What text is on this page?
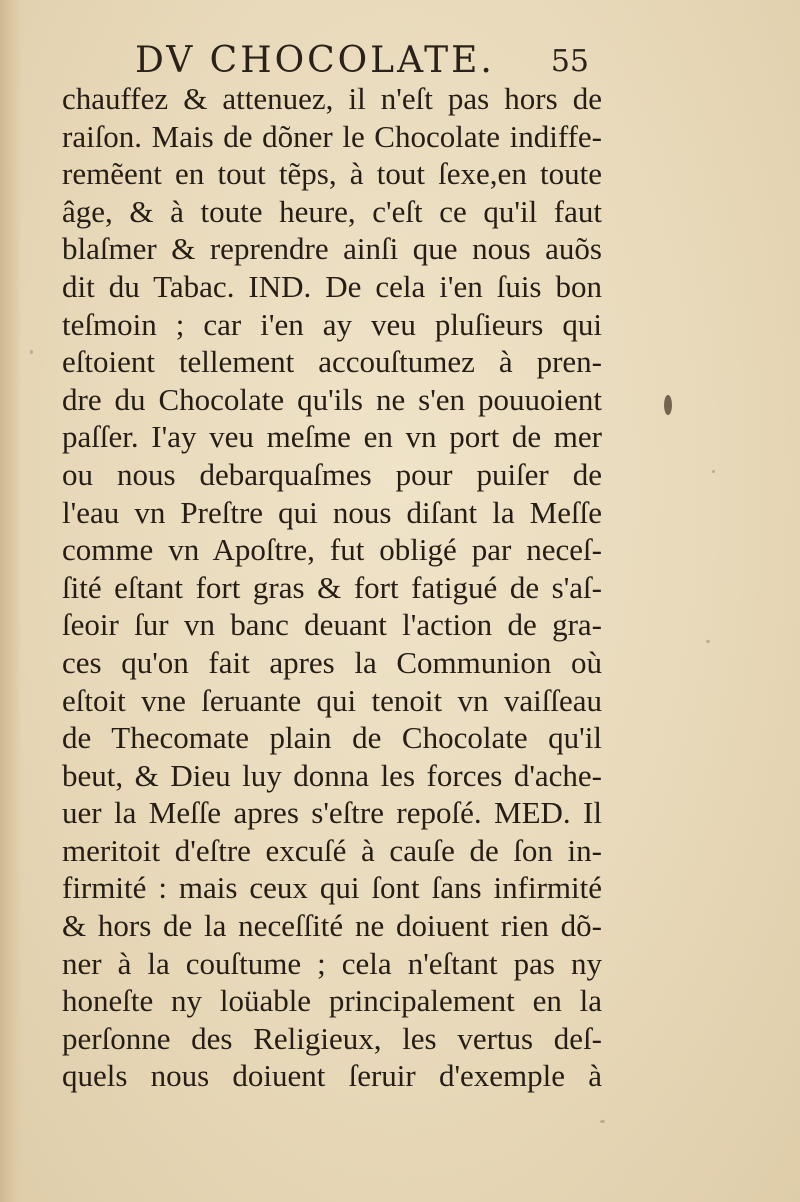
DV CHOCOLATE. 55
chauffez & attenuez, il n'eſt pas hors de
raiſon. Mais de dõner le Chocolate indiffe-
remẽent en tout tẽps, à tout ſexe,en toute
âge, & à toute heure, c'eſt ce qu'il faut
blaſmer & reprendre ainſi que nous auõs
dit du Tabac. IND. De cela i'en ſuis bon
teſmoin ; car i'en ay veu pluſieurs qui
eſtoient tellement accouſtumez à pren-
dre du Chocolate qu'ils ne s'en pouuoient
paſſer. I'ay veu meſme en vn port de mer
ou nous debarquaſmes pour puiſer de
l'eau vn Preſtre qui nous diſant la Meſſe
comme vn Apoſtre, fut obligé par neceſ-
ſité eſtant fort gras & fort fatigué de s'aſ-
ſeoir ſur vn banc deuant l'action de gra-
ces qu'on fait apres la Communion où
eſtoit vne ſeruante qui tenoit vn vaiſſeau
de Thecomate plain de Chocolate qu'il
beut, & Dieu luy donna les forces d'ache-
uer la Meſſe apres s'eſtre repoſé. MED. Il
meritoit d'eſtre excuſé à cauſe de ſon in-
firmité : mais ceux qui ſont ſans infirmité
& hors de la neceſſité ne doiuent rien dõ-
ner à la couſtume ; cela n'eſtant pas ny
honeſte ny loüable principalement en la
perſonne des Religieux, les vertus deſ-
quels nous doiuent ſeruir d'exemple à
